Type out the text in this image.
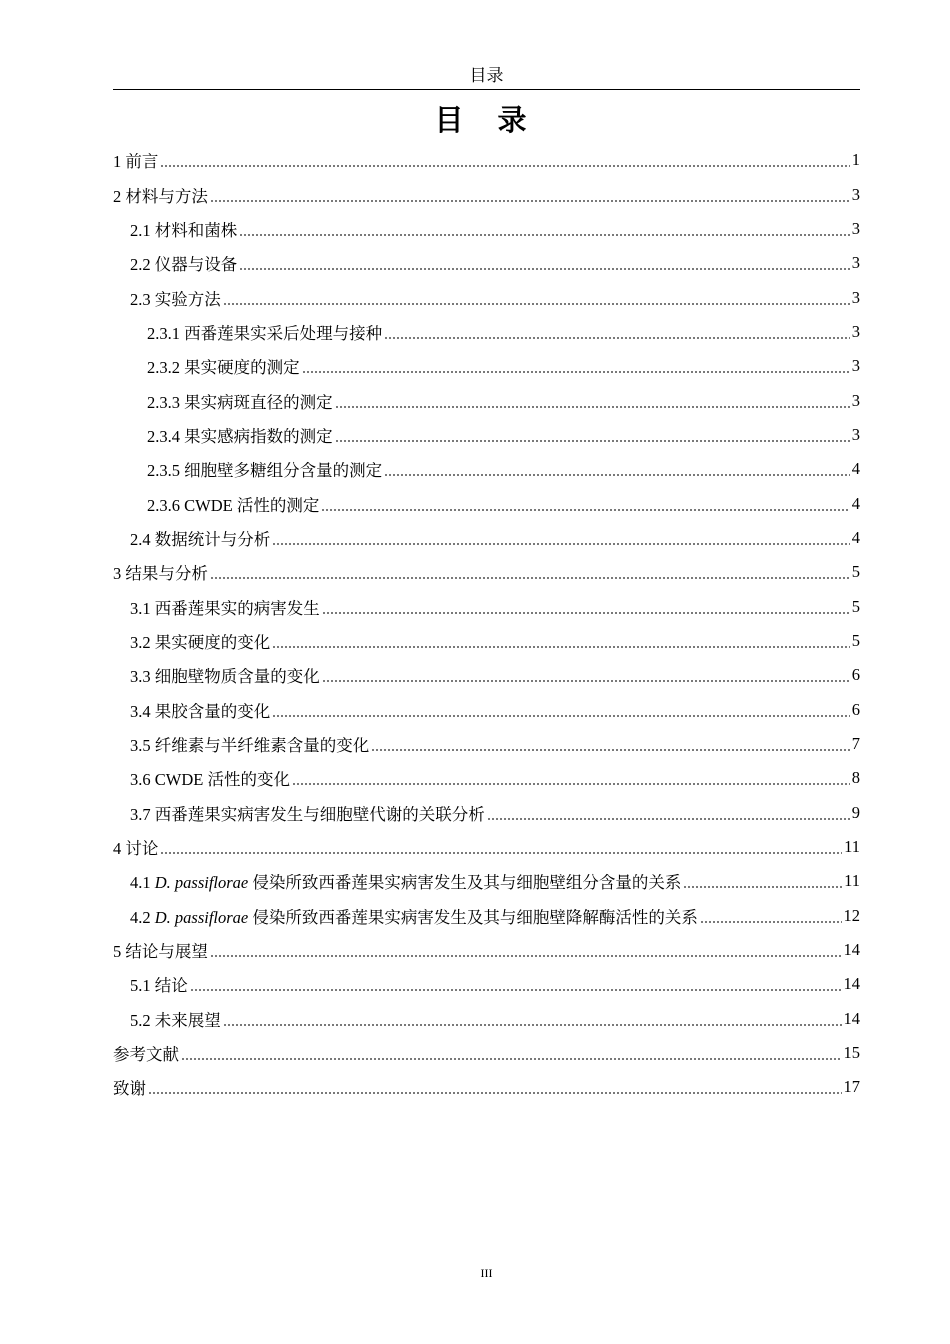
目录
目 录
1 前言	1
2 材料与方法	3
2.1 材料和菌株	3
2.2 仪器与设备	3
2.3 实验方法	3
2.3.1 西番莲果实采后处理与接种	3
2.3.2 果实硬度的测定	3
2.3.3 果实病斑直径的测定	3
2.3.4 果实感病指数的测定	3
2.3.5 细胞壁多糖组分含量的测定	4
2.3.6 CWDE 活性的测定	4
2.4 数据统计与分析	4
3 结果与分析	5
3.1 西番莲果实的病害发生	5
3.2 果实硬度的变化	5
3.3 细胞壁物质含量的变化	6
3.4 果胶含量的变化	6
3.5 纤维素与半纤维素含量的变化	7
3.6 CWDE 活性的变化	8
3.7 西番莲果实病害发生与细胞壁代谢的关联分析	9
4 讨论	11
4.1 D. passiflorae 侵染所致西番莲果实病害发生及其与细胞壁组分含量的关系	11
4.2 D. passiflorae 侵染所致西番莲果实病害发生及其与细胞壁降解酶活性的关系	12
5 结论与展望	14
5.1 结论	14
5.2 未来展望	14
参考文献	15
致谢	17
III
